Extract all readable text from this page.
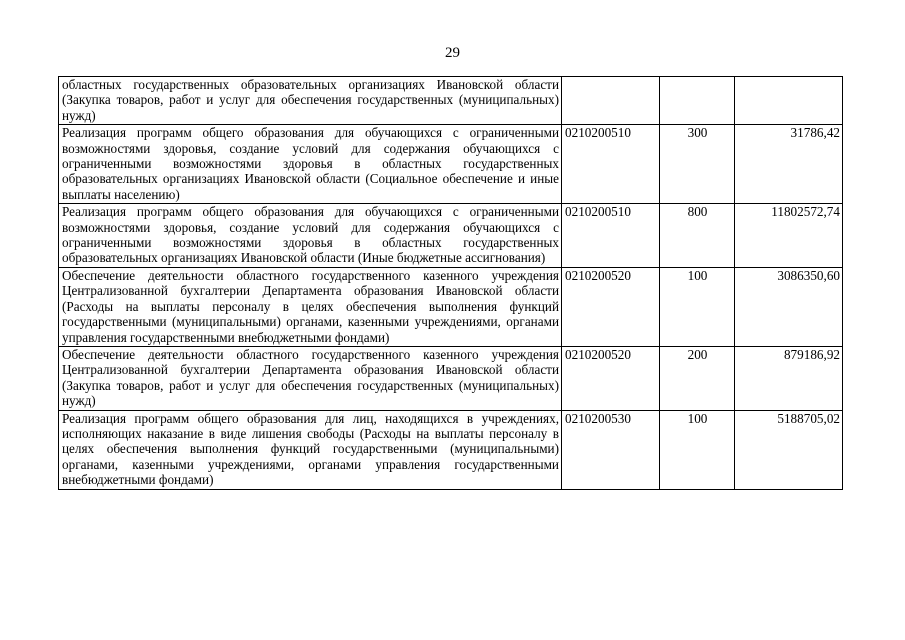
29
областных государственных образовательных организациях Ивановской области (Закупка товаров, работ и услуг для обеспечения государственных (муниципальных) нужд)			
Реализация программ общего образования для обучающихся с ограниченными возможностями здоровья, создание условий для содержания обучающихся с ограниченными возможностями здоровья в областных государственных образовательных организациях Ивановской области (Социальное обеспечение и иные выплаты населению)	0210200510	300	31786,42
Реализация программ общего образования для обучающихся с ограниченными возможностями здоровья, создание условий для содержания обучающихся с ограниченными возможностями здоровья в областных государственных образовательных организациях Ивановской области (Иные бюджетные ассигнования)	0210200510	800	11802572,74
Обеспечение деятельности областного государственного казенного учреждения Централизованной бухгалтерии Департамента образования Ивановской области (Расходы на выплаты персоналу в целях обеспечения выполнения функций государственными (муниципальными) органами, казенными учреждениями, органами управления государственными внебюджетными фондами)	0210200520	100	3086350,60
Обеспечение деятельности областного государственного казенного учреждения Централизованной бухгалтерии Департамента образования Ивановской области (Закупка товаров, работ и услуг для обеспечения государственных (муниципальных) нужд)	0210200520	200	879186,92
Реализация программ общего образования для лиц, находящихся в учреждениях, исполняющих наказание в виде лишения свободы (Расходы на выплаты персоналу в целях обеспечения выполнения функций государственными (муниципальными) органами, казенными учреждениями, органами управления государственными внебюджетными фондами)	0210200530	100	5188705,02
